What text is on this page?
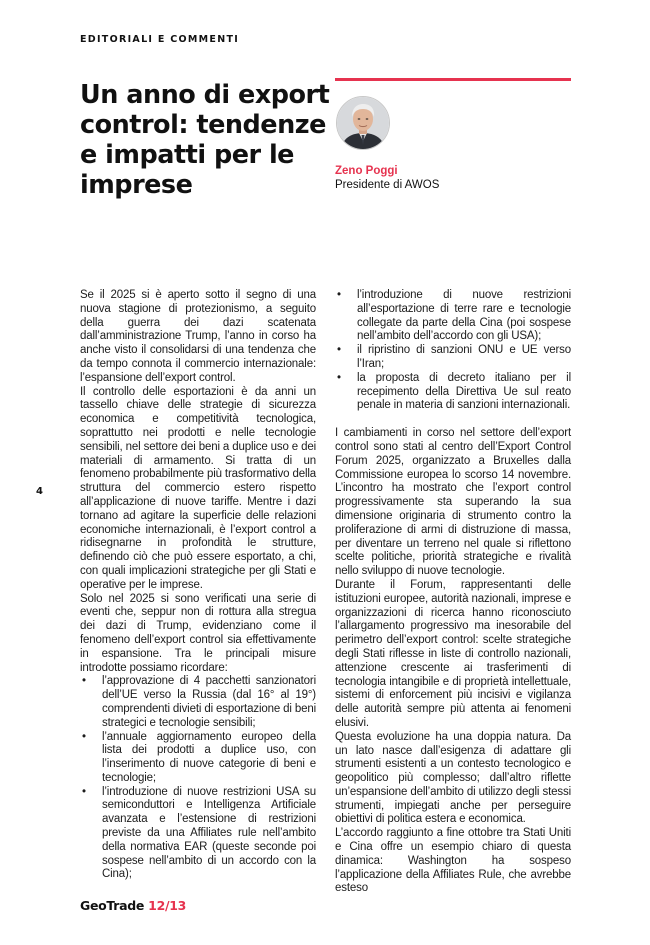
EDITORIALI E COMMENTI
Un anno di export control: tendenze e impatti per le imprese	Zeno Poggi
Presidente di AWOS
4

Se il 2025 si è aperto sotto il segno di una nuova stagione di protezionismo, a seguito della guerra dei dazi scatenata dall’amministrazione Trump, l’anno in corso ha anche visto il consolidarsi di una tendenza che da tempo connota il commercio internazionale: l’espansione dell’export control.

Il controllo delle esportazioni è da anni un tassello chiave delle strategie di sicurezza economica e competitività tecnologica, soprattutto nei prodotti e nelle tecnologie sensibili, nel settore dei beni a duplice uso e dei materiali di armamento. Si tratta di un fenomeno probabilmente più trasformativo della struttura del commercio estero rispetto all’applicazione di nuove tariffe. Mentre i dazi tornano ad agitare la superficie delle relazioni economiche internazionali, è l’export control a ridisegnarne in profondità le strutture, definendo ciò che può essere esportato, a chi, con quali implicazioni strategiche per gli Stati e operative per le imprese.

Solo nel 2025 si sono verificati una serie di eventi che, seppur non di rottura alla stregua dei dazi di Trump, evidenziano come il fenomeno dell’export control sia effettivamente in espansione. Tra le principali misure introdotte possiamo ricordare:

• l’approvazione di 4 pacchetti sanzionatori dell’UE verso la Russia (dal 16° al 19°) comprendenti divieti di esportazione di beni strategici e tecnologie sensibili;
• l’annuale aggiornamento europeo della lista dei prodotti a duplice uso, con l’inserimento di nuove categorie di beni e tecnologie;
• l’introduzione di nuove restrizioni USA su semiconduttori e Intelligenza Artificiale avanzata e l’estensione di restrizioni previste da una Affiliates rule nell’ambito della normativa EAR (queste seconde poi sospese nell’ambito di un accordo con la Cina);
• l’introduzione di nuove restrizioni all’esportazione di terre rare e tecnologie collegate da parte della Cina (poi sospese nell’ambito dell’accordo con gli USA);
• il ripristino di sanzioni ONU e UE verso l’Iran;
• la proposta di decreto italiano per il recepimento della Direttiva Ue sul reato penale in materia di sanzioni internazionali.

I cambiamenti in corso nel settore dell’export control sono stati al centro dell’Export Control Forum 2025, organizzato a Bruxelles dalla Commissione europea lo scorso 14 novembre. L’incontro ha mostrato che l’export control progressivamente sta superando la sua dimensione originaria di strumento contro la proliferazione di armi di distruzione di massa, per diventare un terreno nel quale si riflettono scelte politiche, priorità strategiche e rivalità nello sviluppo di nuove tecnologie.

Durante il Forum, rappresentanti delle istituzioni europee, autorità nazionali, imprese e organizzazioni di ricerca hanno riconosciuto l’allargamento progressivo ma inesorabile del perimetro dell’export control: scelte strategiche degli Stati riflesse in liste di controllo nazionali, attenzione crescente ai trasferimenti di tecnologia intangibile e di proprietà intellettuale, sistemi di enforcement più incisivi e vigilanza delle autorità sempre più attenta ai fenomeni elusivi.

Questa evoluzione ha una doppia natura. Da un lato nasce dall’esigenza di adattare gli strumenti esistenti a un contesto tecnologico e geopolitico più complesso; dall’altro riflette un’espansione dell’ambito di utilizzo degli stessi strumenti, impiegati anche per perseguire obiettivi di politica estera e economica.

L’accordo raggiunto a fine ottobre tra Stati Uniti e Cina offre un esempio chiaro di questa dinamica: Washington ha sospeso l’applicazione della Affiliates Rule, che avrebbe esteso

GeoTrade 12/13
